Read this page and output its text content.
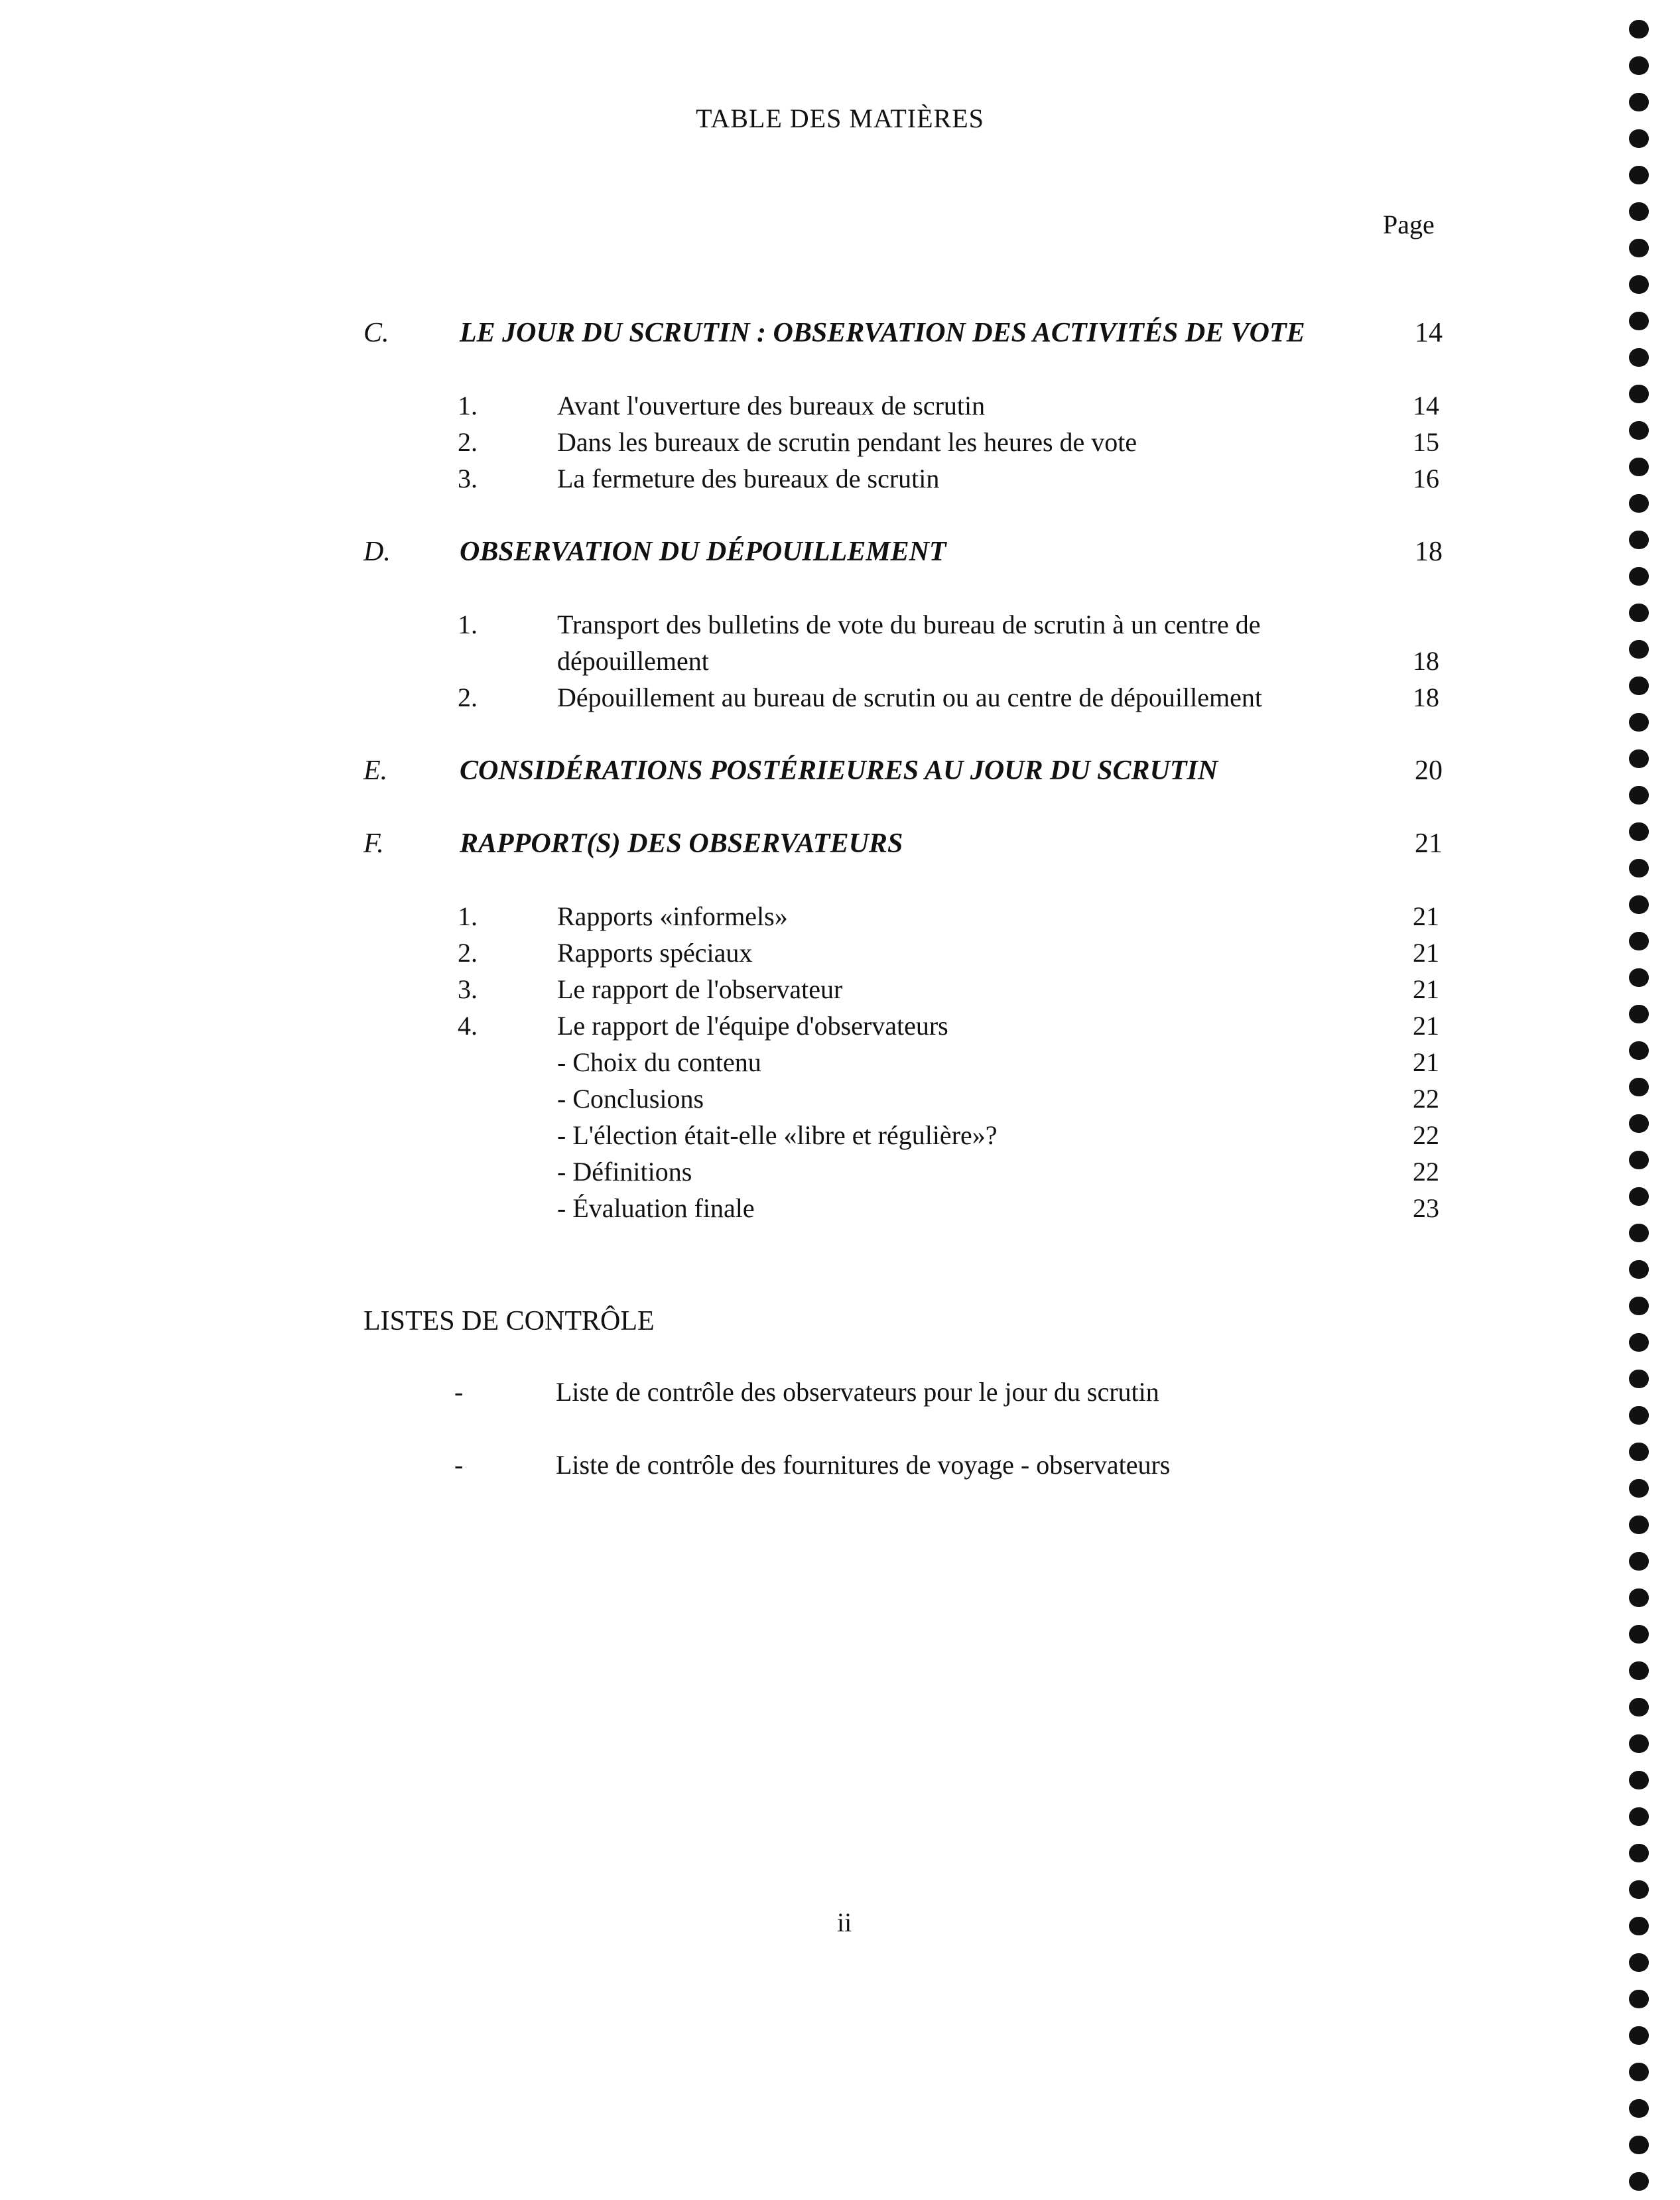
TABLE DES MATIÈRES
Page
C.	LE JOUR DU SCRUTIN : OBSERVATION DES ACTIVITÉS DE VOTE	14
1.	Avant l'ouverture des bureaux de scrutin	14
2.	Dans les bureaux de scrutin pendant les heures de vote	15
3.	La fermeture des bureaux de scrutin	16
D. OBSERVATION DU DÉPOUILLEMENT	18
1.	Transport des bulletins de vote du bureau de scrutin à un centre de
dépouillement	18
2.	Dépouillement au bureau de scrutin ou au centre de dépouillement	18
E.	CONSIDÉRATIONS POSTÉRIEURES AU JOUR DU SCRUTIN	20
F.	RAPPORT(S) DES OBSERVATEURS	21
1.	Rapports «informels»	21
2.	Rapports spéciaux	21
3.	Le rapport de l'observateur	21
4.	Le rapport de l'équipe d'observateurs	21
- Choix du contenu	21
- Conclusions	22
- L'élection était-elle «libre et régulière»?	22
- Définitions	22
- Évaluation finale	23
LISTES DE CONTRÔLE
-	Liste de contrôle des observateurs pour le jour du scrutin
-	Liste de contrôle des fournitures de voyage - observateurs
ii
